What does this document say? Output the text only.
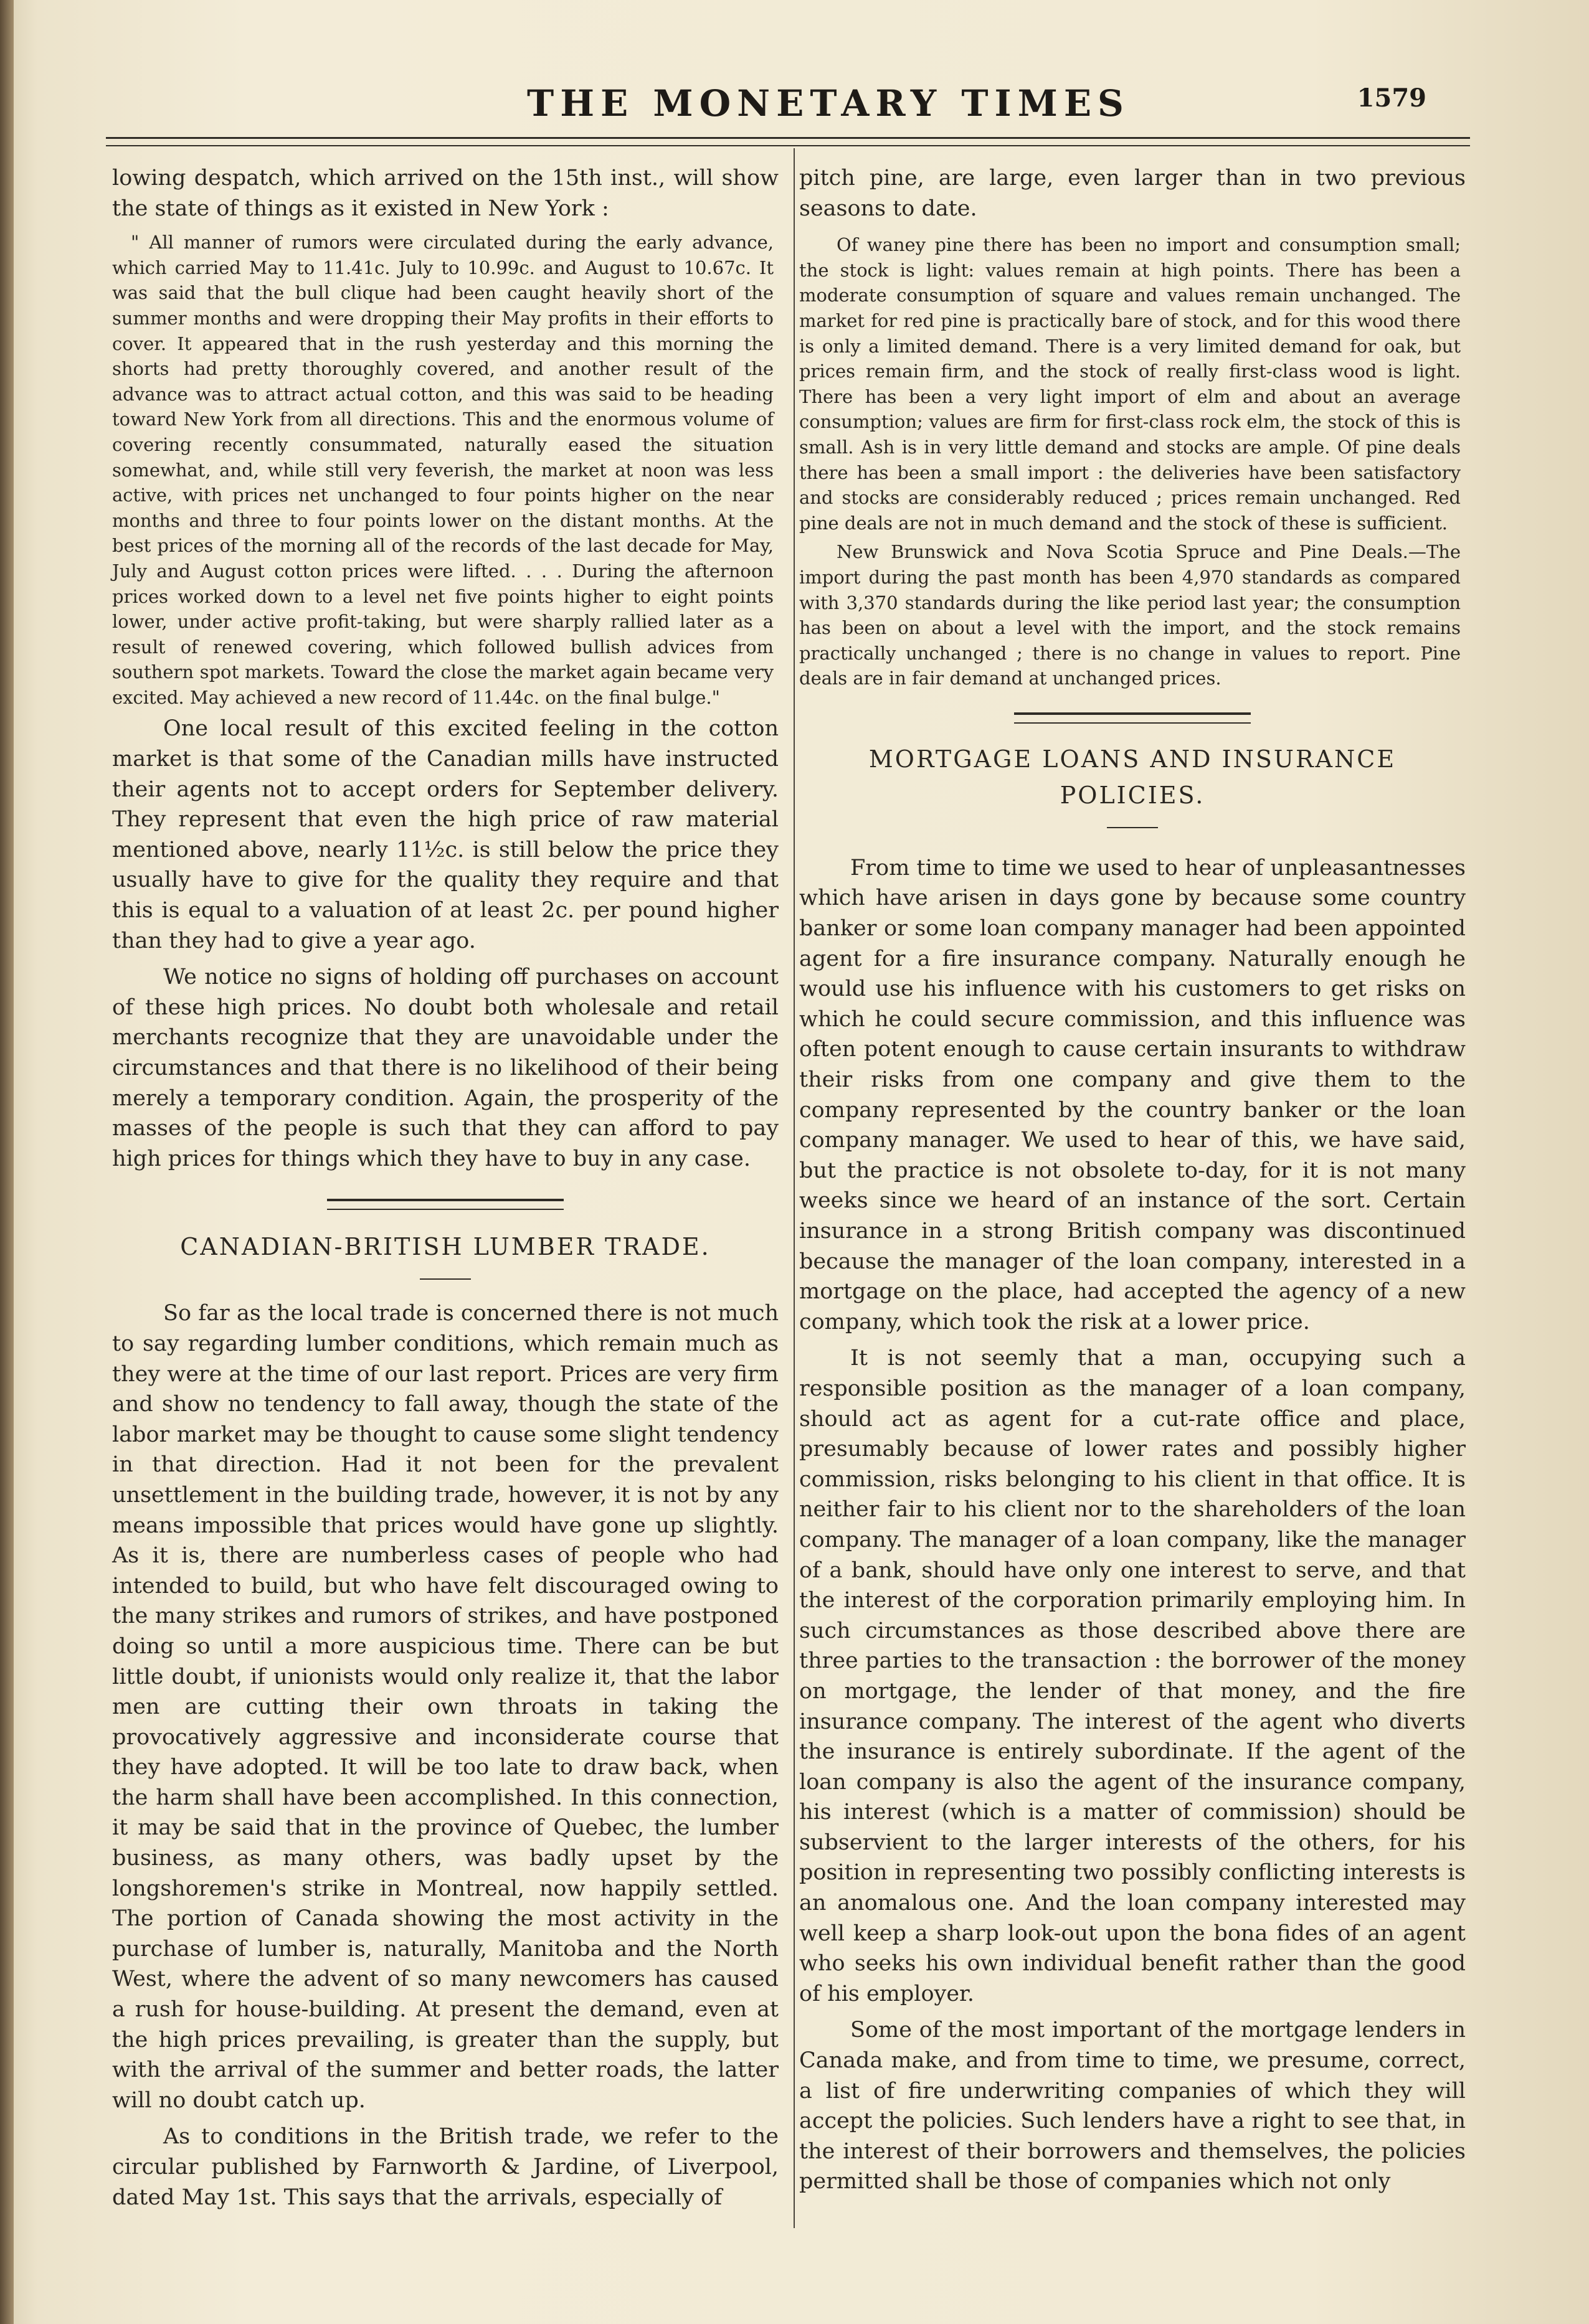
THE MONETARY TIMES	1579

lowing despatch, which arrived on the 15th inst., will show the state of things as it existed in New York :

" All manner of rumors were circulated during the early advance, which carried May to 11.41c. July to 10.99c. and August to 10.67c. It was said that the bull clique had been caught heavily short of the summer months and were dropping their May profits in their efforts to cover. It appeared that in the rush yesterday and this morning the shorts had pretty thoroughly covered, and another result of the advance was to attract actual cotton, and this was said to be heading toward New York from all directions. This and the enormous volume of covering recently consummated, naturally eased the situation somewhat, and, while still very feverish, the market at noon was less active, with prices net unchanged to four points higher on the near months and three to four points lower on the distant months. At the best prices of the morning all of the records of the last decade for May, July and August cotton prices were lifted. . . . During the afternoon prices worked down to a level net five points higher to eight points lower, under active profit-taking, but were sharply rallied later as a result of renewed covering, which followed bullish advices from southern spot markets. Toward the close the market again became very excited. May achieved a new record of 11.44c. on the final bulge."

One local result of this excited feeling in the cotton market is that some of the Canadian mills have instructed their agents not to accept orders for September delivery. They represent that even the high price of raw material mentioned above, nearly 11½c. is still below the price they usually have to give for the quality they require and that this is equal to a valuation of at least 2c. per pound higher than they had to give a year ago.

We notice no signs of holding off purchases on account of these high prices. No doubt both wholesale and retail merchants recognize that they are unavoidable under the circumstances and that there is no likelihood of their being merely a temporary condition. Again, the prosperity of the masses of the people is such that they can afford to pay high prices for things which they have to buy in any case.

CANADIAN-BRITISH LUMBER TRADE.

So far as the local trade is concerned there is not much to say regarding lumber conditions, which remain much as they were at the time of our last report. Prices are very firm and show no tendency to fall away, though the state of the labor market may be thought to cause some slight tendency in that direction. Had it not been for the prevalent unsettlement in the building trade, however, it is not by any means impossible that prices would have gone up slightly. As it is, there are numberless cases of people who had intended to build, but who have felt discouraged owing to the many strikes and rumors of strikes, and have postponed doing so until a more auspicious time. There can be but little doubt, if unionists would only realize it, that the labor men are cutting their own throats in taking the provocatively aggressive and inconsiderate course that they have adopted. It will be too late to draw back, when the harm shall have been accomplished. In this connection, it may be said that in the province of Quebec, the lumber business, as many others, was badly upset by the longshoremen's strike in Montreal, now happily settled. The portion of Canada showing the most activity in the purchase of lumber is, naturally, Manitoba and the North West, where the advent of so many newcomers has caused a rush for house-building. At present the demand, even at the high prices prevailing, is greater than the supply, but with the arrival of the summer and better roads, the latter will no doubt catch up.

As to conditions in the British trade, we refer to the circular published by Farnworth & Jardine, of Liverpool, dated May 1st. This says that the arrivals, especially of

pitch pine, are large, even larger than in two previous seasons to date.

Of waney pine there has been no import and consumption small; the stock is light: values remain at high points. There has been a moderate consumption of square and values remain unchanged. The market for red pine is practically bare of stock, and for this wood there is only a limited demand. There is a very limited demand for oak, but prices remain firm, and the stock of really first-class wood is light. There has been a very light import of elm and about an average consumption; values are firm for first-class rock elm, the stock of this is small. Ash is in very little demand and stocks are ample. Of pine deals there has been a small import : the deliveries have been satisfactory and stocks are considerably reduced ; prices remain unchanged. Red pine deals are not in much demand and the stock of these is sufficient.

New Brunswick and Nova Scotia Spruce and Pine Deals.—The import during the past month has been 4,970 standards as compared with 3,370 standards during the like period last year; the consumption has been on about a level with the import, and the stock remains practically unchanged ; there is no change in values to report. Pine deals are in fair demand at unchanged prices.

MORTGAGE LOANS AND INSURANCE
POLICIES.

From time to time we used to hear of unpleasantnesses which have arisen in days gone by because some country banker or some loan company manager had been appointed agent for a fire insurance company. Naturally enough he would use his influence with his customers to get risks on which he could secure commission, and this influence was often potent enough to cause certain insurants to withdraw their risks from one company and give them to the company represented by the country banker or the loan company manager. We used to hear of this, we have said, but the practice is not obsolete to-day, for it is not many weeks since we heard of an instance of the sort. Certain insurance in a strong British company was discontinued because the manager of the loan company, interested in a mortgage on the place, had accepted the agency of a new company, which took the risk at a lower price.

It is not seemly that a man, occupying such a responsible position as the manager of a loan company, should act as agent for a cut-rate office and place, presumably because of lower rates and possibly higher commission, risks belonging to his client in that office. It is neither fair to his client nor to the shareholders of the loan company. The manager of a loan company, like the manager of a bank, should have only one interest to serve, and that the interest of the corporation primarily employing him. In such circumstances as those described above there are three parties to the transaction : the borrower of the money on mortgage, the lender of that money, and the fire insurance company. The interest of the agent who diverts the insurance is entirely subordinate. If the agent of the loan company is also the agent of the insurance company, his interest (which is a matter of commission) should be subservient to the larger interests of the others, for his position in representing two possibly conflicting interests is an anomalous one. And the loan company interested may well keep a sharp look-out upon the bona fides of an agent who seeks his own individual benefit rather than the good of his employer.

Some of the most important of the mortgage lenders in Canada make, and from time to time, we presume, correct, a list of fire underwriting companies of which they will accept the policies. Such lenders have a right to see that, in the interest of their borrowers and themselves, the policies permitted shall be those of companies which not only
